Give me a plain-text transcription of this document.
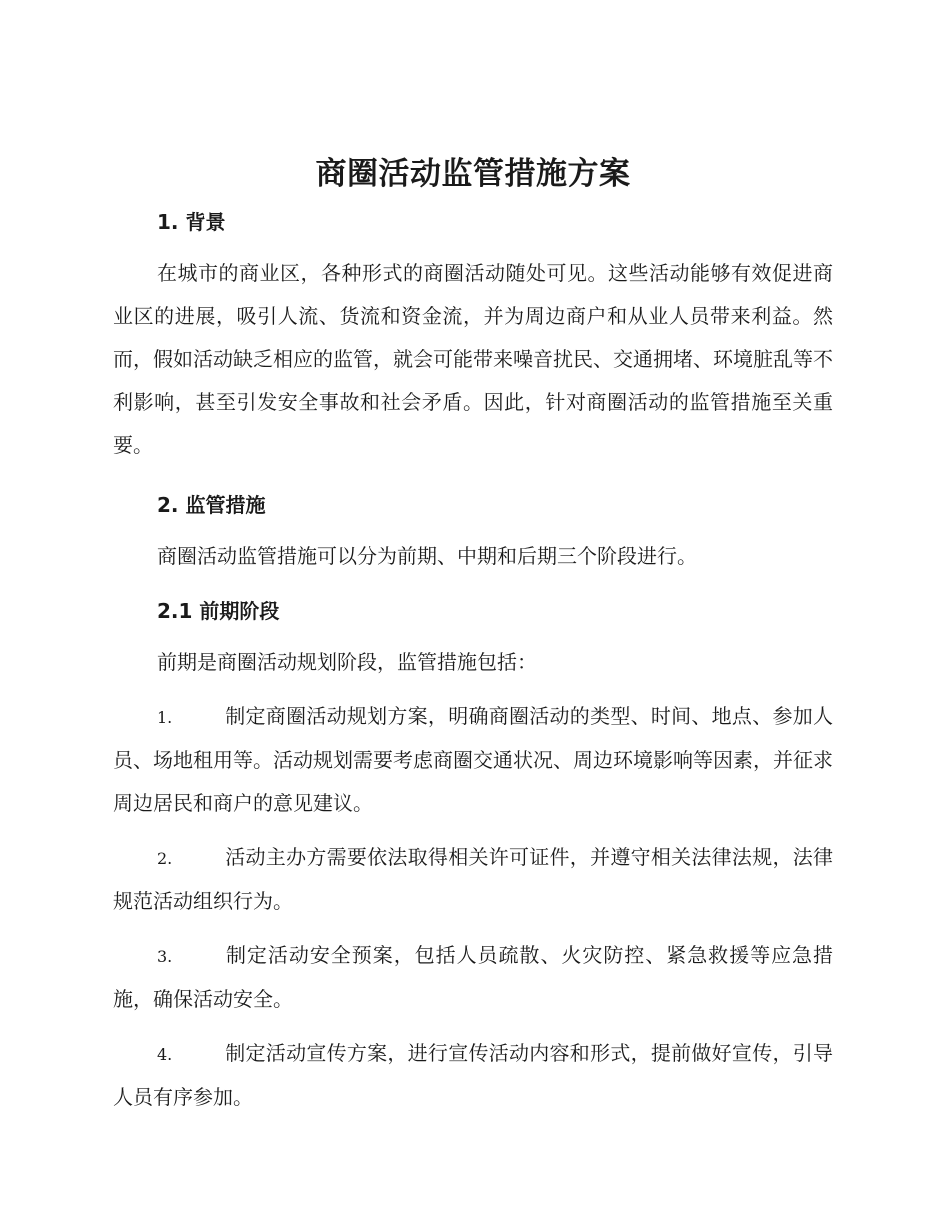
商圈活动监管措施方案
1. 背景

在城市的商业区，各种形式的商圈活动随处可见。这些活动能够有效促进商业区的进展，吸引人流、货流和资金流，并为周边商户和从业人员带来利益。然而，假如活动缺乏相应的监管，就会可能带来噪音扰民、交通拥堵、环境脏乱等不利影响，甚至引发安全事故和社会矛盾。因此，针对商圈活动的监管措施至关重要。

2. 监管措施

商圈活动监管措施可以分为前期、中期和后期三个阶段进行。

2.1 前期阶段

前期是商圈活动规划阶段，监管措施包括：

1.	制定商圈活动规划方案，明确商圈活动的类型、时间、地点、参加人员、场地租用等。活动规划需要考虑商圈交通状况、周边环境影响等因素，并征求周边居民和商户的意见建议。

2.	活动主办方需要依法取得相关许可证件，并遵守相关法律法规，法律规范活动组织行为。

3.	制定活动安全预案，包括人员疏散、火灾防控、紧急救援等应急措施，确保活动安全。

4.	制定活动宣传方案，进行宣传活动内容和形式，提前做好宣传，引导人员有序参加。
